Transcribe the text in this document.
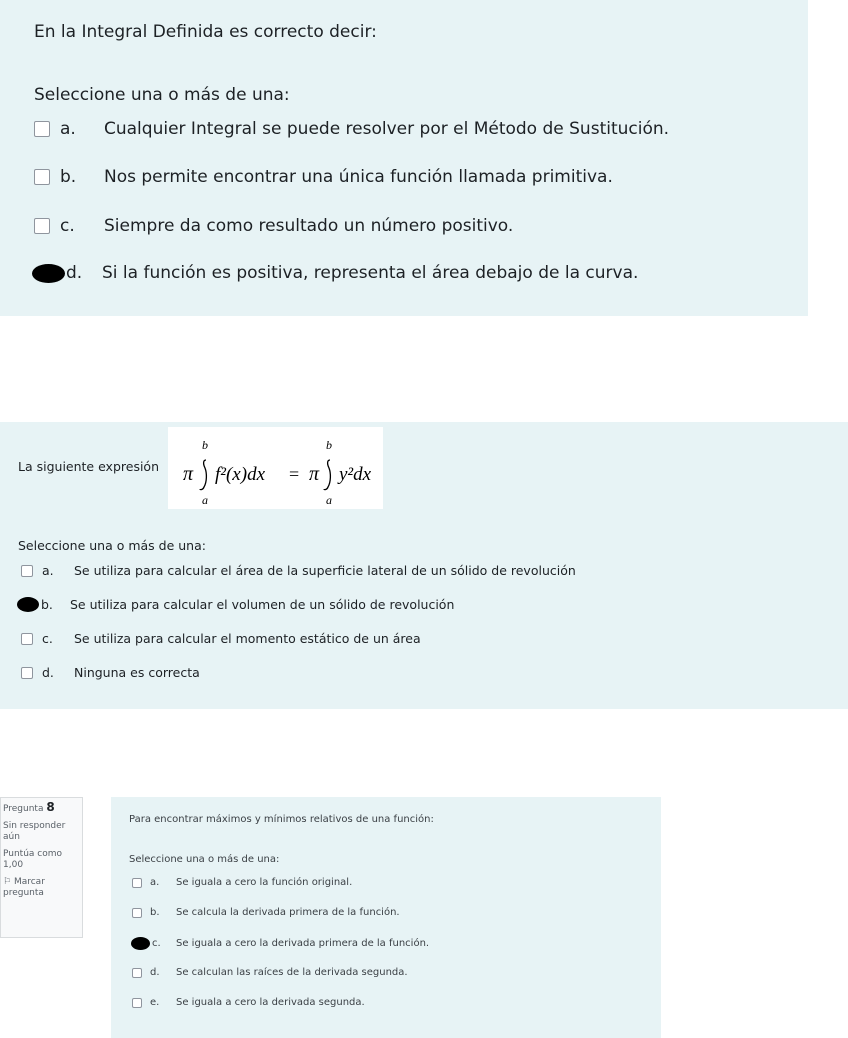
En la Integral Definida es correcto decir:
Seleccione una o más de una:
a.	Cualquier Integral se puede resolver por el Método de Sustitución.
b.	Nos permite encontrar una única función llamada primitiva.
c.	Siempre da como resultado un número positivo.
d.	Si la función es positiva, representa el área debajo de la curva.
La siguiente expresión
b
π f²(x)dx
a
= π
b
y²dx
a
Seleccione una o más de una:
a.	Se utiliza para calcular el área de la superficie lateral de un sólido de revolución
b.	Se utiliza para calcular el volumen de un sólido de revolución
c.	Se utiliza para calcular el momento estático de un área
d.	Ninguna es correcta
Pregunta 8
Sin responder aún
Puntúa como 1,00
⚐ Marcar pregunta
Para encontrar máximos y mínimos relativos de una función:
Seleccione una o más de una:
a.	Se iguala a cero la función original.
b.	Se calcula la derivada primera de la función.
c.	Se iguala a cero la derivada primera de la función.
d.	Se calculan las raíces de la derivada segunda.
e.	Se iguala a cero la derivada segunda.
